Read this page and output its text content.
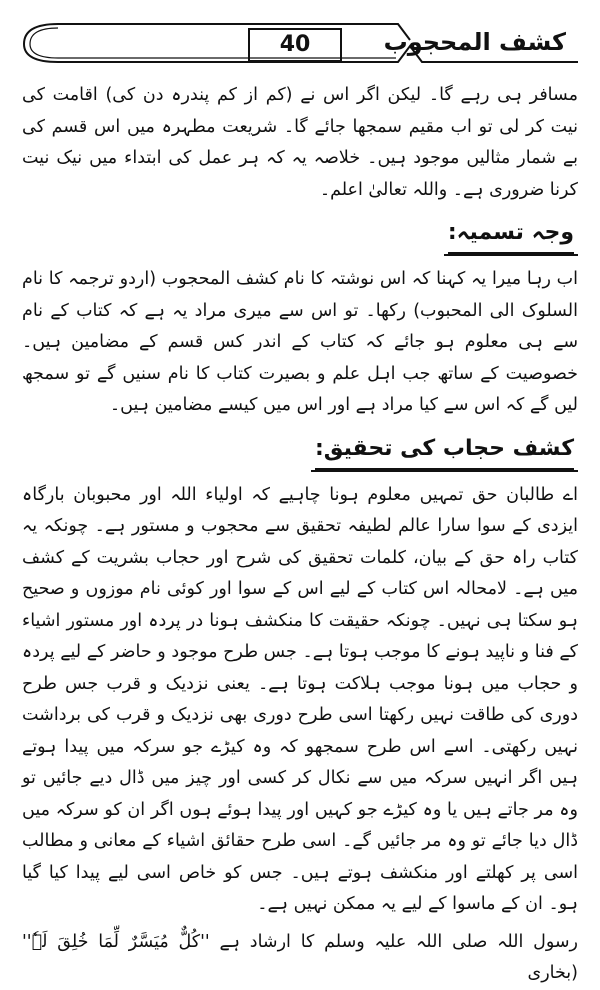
40	کشف المحجوب

مسافر ہی رہے گا۔ لیکن اگر اس نے (کم از کم پندرہ دن کی) اقامت کی نیت کر لی تو اب مقیم سمجھا جائے گا۔ شریعت مطہرہ میں اس قسم کی بے شمار مثالیں موجود ہیں۔ خلاصہ یہ کہ ہر عمل کی ابتداء میں نیک نیت کرنا ضروری ہے۔ واللہ تعالیٰ اعلم۔

وجہ تسمیہ:

اب رہا میرا یہ کہنا کہ اس نوشتہ کا نام کشف المحجوب (اردو ترجمہ کا نام السلوک الی المحبوب) رکھا۔ تو اس سے میری مراد یہ ہے کہ کتاب کے نام سے ہی معلوم ہو جائے کہ کتاب کے اندر کس قسم کے مضامین ہیں۔ خصوصیت کے ساتھ جب اہل علم و بصیرت کتاب کا نام سنیں گے تو سمجھ لیں گے کہ اس سے کیا مراد ہے اور اس میں کیسے مضامین ہیں۔

کشف حجاب کی تحقیق:

اے طالبان حق تمہیں معلوم ہونا چاہیے کہ اولیاء اللہ اور محبوبان بارگاہ ایزدی کے سوا سارا عالم لطیفہ تحقیق سے محجوب و مستور ہے۔ چونکہ یہ کتاب راہ حق کے بیان، کلمات تحقیق کی شرح اور حجاب بشریت کے کشف میں ہے۔ لامحالہ اس کتاب کے لیے اس کے سوا اور کوئی نام موزوں و صحیح ہو سکتا ہی نہیں۔ چونکہ حقیقت کا منکشف ہونا در پردہ اور مستور اشیاء کے فنا و ناپید ہونے کا موجب ہوتا ہے۔ جس طرح موجود و حاضر کے لیے پردہ و حجاب میں ہونا موجب ہلاکت ہوتا ہے۔ یعنی نزدیک و قرب جس طرح دوری کی طاقت نہیں رکھتا اسی طرح دوری بھی نزدیک و قرب کی برداشت نہیں رکھتی۔ اسے اس طرح سمجھو کہ وہ کیڑے جو سرکہ میں پیدا ہوتے ہیں اگر انہیں سرکہ میں سے نکال کر کسی اور چیز میں ڈال دیے جائیں تو وہ مر جاتے ہیں یا وہ کیڑے جو کہیں اور پیدا ہوئے ہوں اگر ان کو سرکہ میں ڈال دیا جائے تو وہ مر جائیں گے۔ اسی طرح حقائق اشیاء کے معانی و مطالب اسی پر کھلتے اور منکشف ہوتے ہیں۔ جس کو خاص اسی لیے پیدا کیا گیا ہو۔ ان کے ماسوا کے لیے یہ ممکن نہیں ہے۔

رسول اللہ صلی اللہ علیہ وسلم کا ارشاد ہے ''کُلٌّ مُیَسَّرٌ لِّمَا خُلِقَ لَہٗ'' (بخاری
